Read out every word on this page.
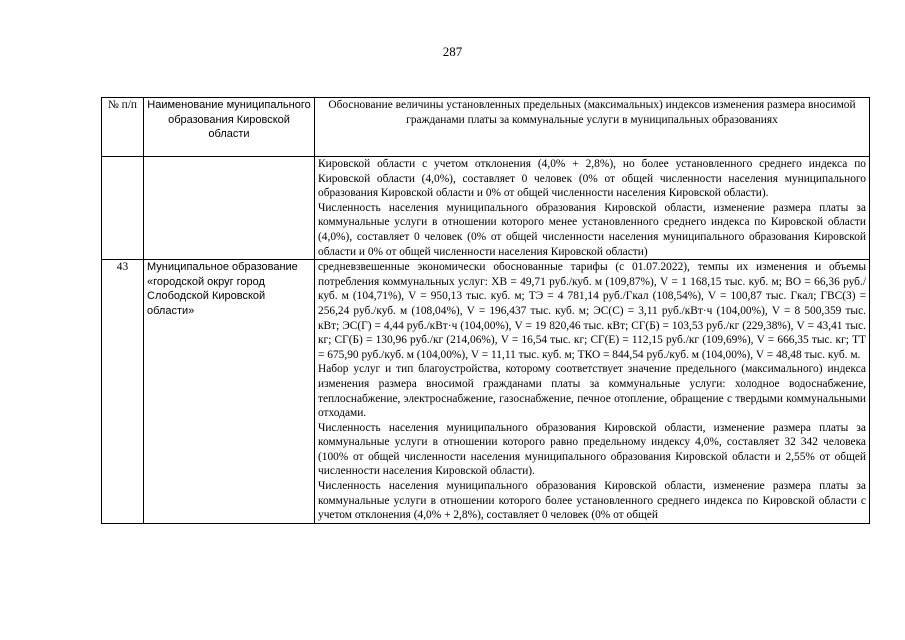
287
№ п/п	Наименование муниципального образования Кировской области	Обоснование величины установленных предельных (максимальных) индексов изменения размера вносимой гражданами платы за коммунальные услуги в муниципальных образованиях

		Кировской области с учетом отклонения (4,0% + 2,8%), но более установленного среднего индекса по Кировской области (4,0%), составляет 0 человек (0% от общей численности населения муниципального образования Кировской области и 0% от общей численности населения Кировской области).

Численность населения муниципального образования Кировской области, изменение размера платы за коммунальные услуги в отношении которого менее установленного среднего индекса по Кировской области (4,0%), составляет 0 человек (0% от общей численности населения муниципального образования Кировской области и 0% от общей численности населения Кировской области)

43	Муниципальное образование «городской округ город Слободской Кировской области»	средневзвешенные экономически обоснованные тарифы (с 01.07.2022), темпы их изменения и объемы потребления коммунальных услуг: ХВ = 49,71 руб./куб. м (109,87%), V = 1 168,15 тыс. куб. м; ВО = 66,36 руб./куб. м (104,71%), V = 950,13 тыс. куб. м; ТЭ = 4 781,14 руб./Гкал (108,54%), V = 100,87 тыс. Гкал; ГВС(З) = 256,24 руб./куб. м (108,04%), V = 196,437 тыс. куб. м; ЭС(С) = 3,11 руб./кВт·ч (104,00%), V = 8 500,359 тыс. кВт; ЭС(Г) = 4,44 руб./кВт·ч (104,00%), V = 19 820,46 тыс. кВт; СГ(Б) = 103,53 руб./кг (229,38%), V = 43,41 тыс. кг; СГ(Б) = 130,96 руб./кг (214,06%), V = 16,54 тыс. кг; СГ(Е) = 112,15 руб./кг (109,69%), V = 666,35 тыс. кг; ТТ = 675,90 руб./куб. м (104,00%), V = 11,11 тыс. куб. м; ТКО = 844,54 руб./куб. м (104,00%), V = 48,48 тыс. куб. м.

Набор услуг и тип благоустройства, которому соответствует значение предельного (максимального) индекса изменения размера вносимой гражданами платы за коммунальные услуги: холодное водоснабжение, теплоснабжение, электроснабжение, газоснабжение, печное отопление, обращение с твердыми коммунальными отходами.

Численность населения муниципального образования Кировской области, изменение размера платы за коммунальные услуги в отношении которого равно предельному индексу 4,0%, составляет 32 342 человека (100% от общей численности населения муниципального образования Кировской области и 2,55% от общей численности населения Кировской области).

Численность населения муниципального образования Кировской области, изменение размера платы за коммунальные услуги в отношении которого более установленного среднего индекса по Кировской области с учетом отклонения (4,0% + 2,8%), составляет 0 человек (0% от общей
